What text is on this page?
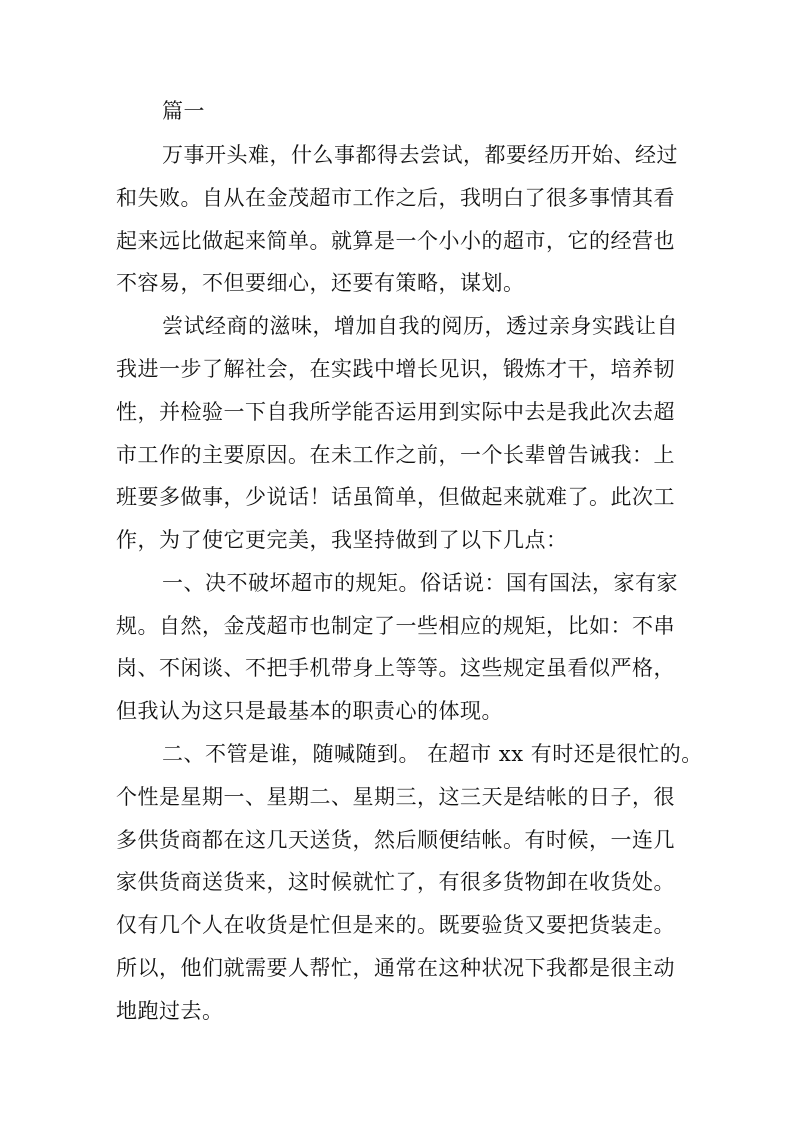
篇一
万事开头难，什么事都得去尝试，都要经历开始、经过
和失败。自从在金茂超市工作之后，我明白了很多事情其看
起来远比做起来简单。就算是一个小小的超市，它的经营也
不容易，不但要细心，还要有策略，谋划。
尝试经商的滋味，增加自我的阅历，透过亲身实践让自
我进一步了解社会，在实践中增长见识，锻炼才干，培养韧
性，并检验一下自我所学能否运用到实际中去是我此次去超
市工作的主要原因。在未工作之前，一个长辈曾告诫我：上
班要多做事，少说话！话虽简单，但做起来就难了。此次工
作，为了使它更完美，我坚持做到了以下几点：
一、决不破坏超市的规矩。俗话说：国有国法，家有家
规。自然，金茂超市也制定了一些相应的规矩，比如：不串
岗、不闲谈、不把手机带身上等等。这些规定虽看似严格，
但我认为这只是最基本的职责心的体现。
二、不管是谁，随喊随到。 在超市 xx 有时还是很忙的。
个性是星期一、星期二、星期三，这三天是结帐的日子，很
多供货商都在这几天送货，然后顺便结帐。有时候，一连几
家供货商送货来，这时候就忙了，有很多货物卸在收货处。
仅有几个人在收货是忙但是来的。既要验货又要把货装走。
所以，他们就需要人帮忙，通常在这种状况下我都是很主动
地跑过去。
